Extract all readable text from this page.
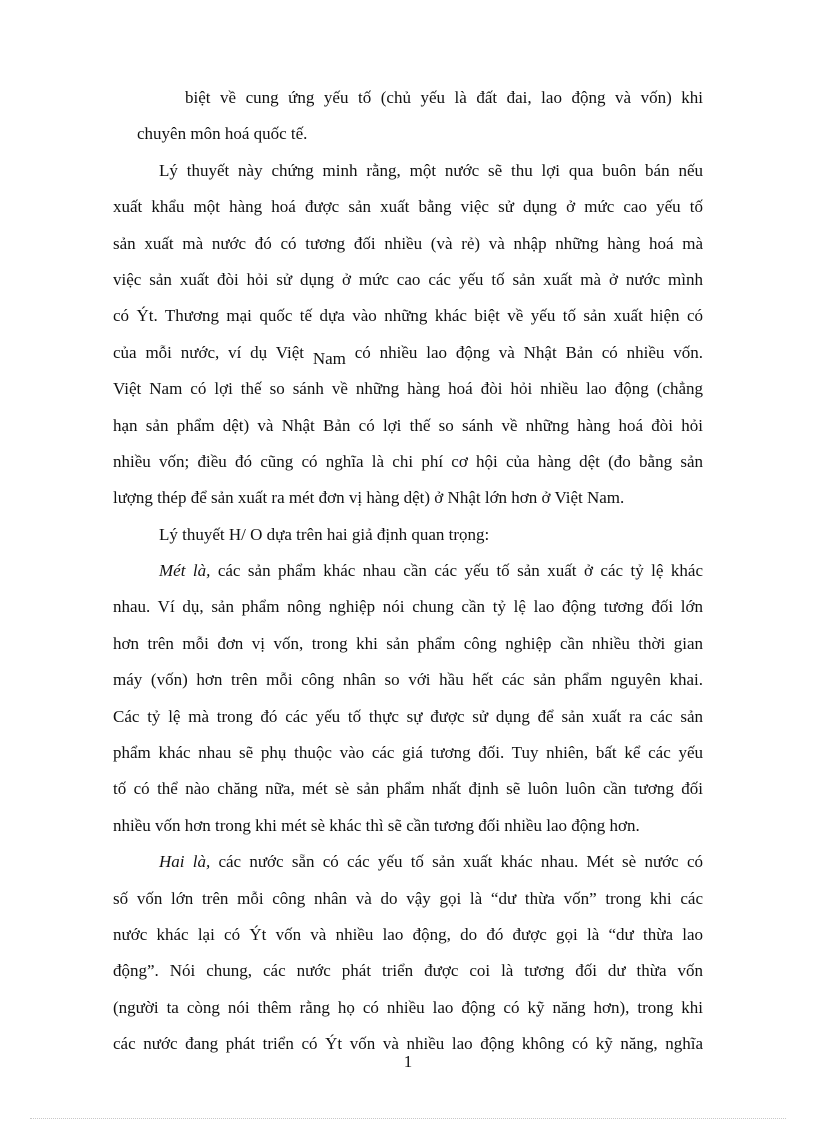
biệt về cung ứng yếu tố (chủ yếu là đất đai, lao động và vốn) khi
chuyên môn hoá quốc tế.
Lý thuyết này chứng minh rằng, một nước sẽ thu lợi qua buôn bán nếu
xuất khẩu một hàng hoá được sản xuất bằng việc sử dụng ở mức cao yếu tố
sản xuất mà nước đó có tương đối nhiều (và rẻ) và nhập những hàng hoá mà
việc sản xuất đòi hỏi sử dụng ở mức cao các yếu tố sản xuất mà ở nước mình
có Ýt. Thương mại quốc tế dựa vào những khác biệt về yếu tố sản xuất hiện có
của mỗi nước, ví dụ Việt Nam có nhiều lao động và Nhật Bản có nhiều vốn.
Việt Nam có lợi thế so sánh về những hàng hoá đòi hỏi nhiều lao động (chẳng
hạn sản phẩm dệt) và Nhật Bản có lợi thế so sánh về những hàng hoá đòi hỏi
nhiều vốn; điều đó cũng có nghĩa là chi phí cơ hội của hàng dệt (đo bằng sản
lượng thép để sản xuất ra mét đơn vị hàng dệt) ở Nhật lớn hơn ở Việt Nam.
Lý thuyết H/ O dựa trên hai giả định quan trọng:
Mét là, các sản phẩm khác nhau cần các yếu tố sản xuất ở các tỷ lệ khác
nhau. Ví dụ, sản phẩm nông nghiệp nói chung cần tỷ lệ lao động tương đối lớn
hơn trên mỗi đơn vị vốn, trong khi sản phẩm công nghiệp cần nhiều thời gian
máy (vốn) hơn trên mỗi công nhân so với hầu hết các sản phẩm nguyên khai.
Các tỷ lệ mà trong đó các yếu tố thực sự được sử dụng để sản xuất ra các sản
phẩm khác nhau sẽ phụ thuộc vào các giá tương đối. Tuy nhiên, bất kể các yếu
tố có thể nào chăng nữa, mét sè sản phẩm nhất định sẽ luôn luôn cần tương đối
nhiều vốn hơn trong khi mét sè khác thì sẽ cần tương đối nhiều lao động hơn.
Hai là, các nước sẵn có các yếu tố sản xuất khác nhau. Mét sè nước có
số vốn lớn trên mỗi công nhân và do vậy gọi là “dư thừa vốn” trong khi các
nước khác lại có Ýt vốn và nhiều lao động, do đó được gọi là “dư thừa lao
động”. Nói chung, các nước phát triển được coi là tương đối dư thừa vốn
(người ta còng nói thêm rằng họ có nhiều lao động có kỹ năng hơn), trong khi
các nước đang phát triển có Ýt vốn và nhiều lao động không có kỹ năng, nghĩa
1
